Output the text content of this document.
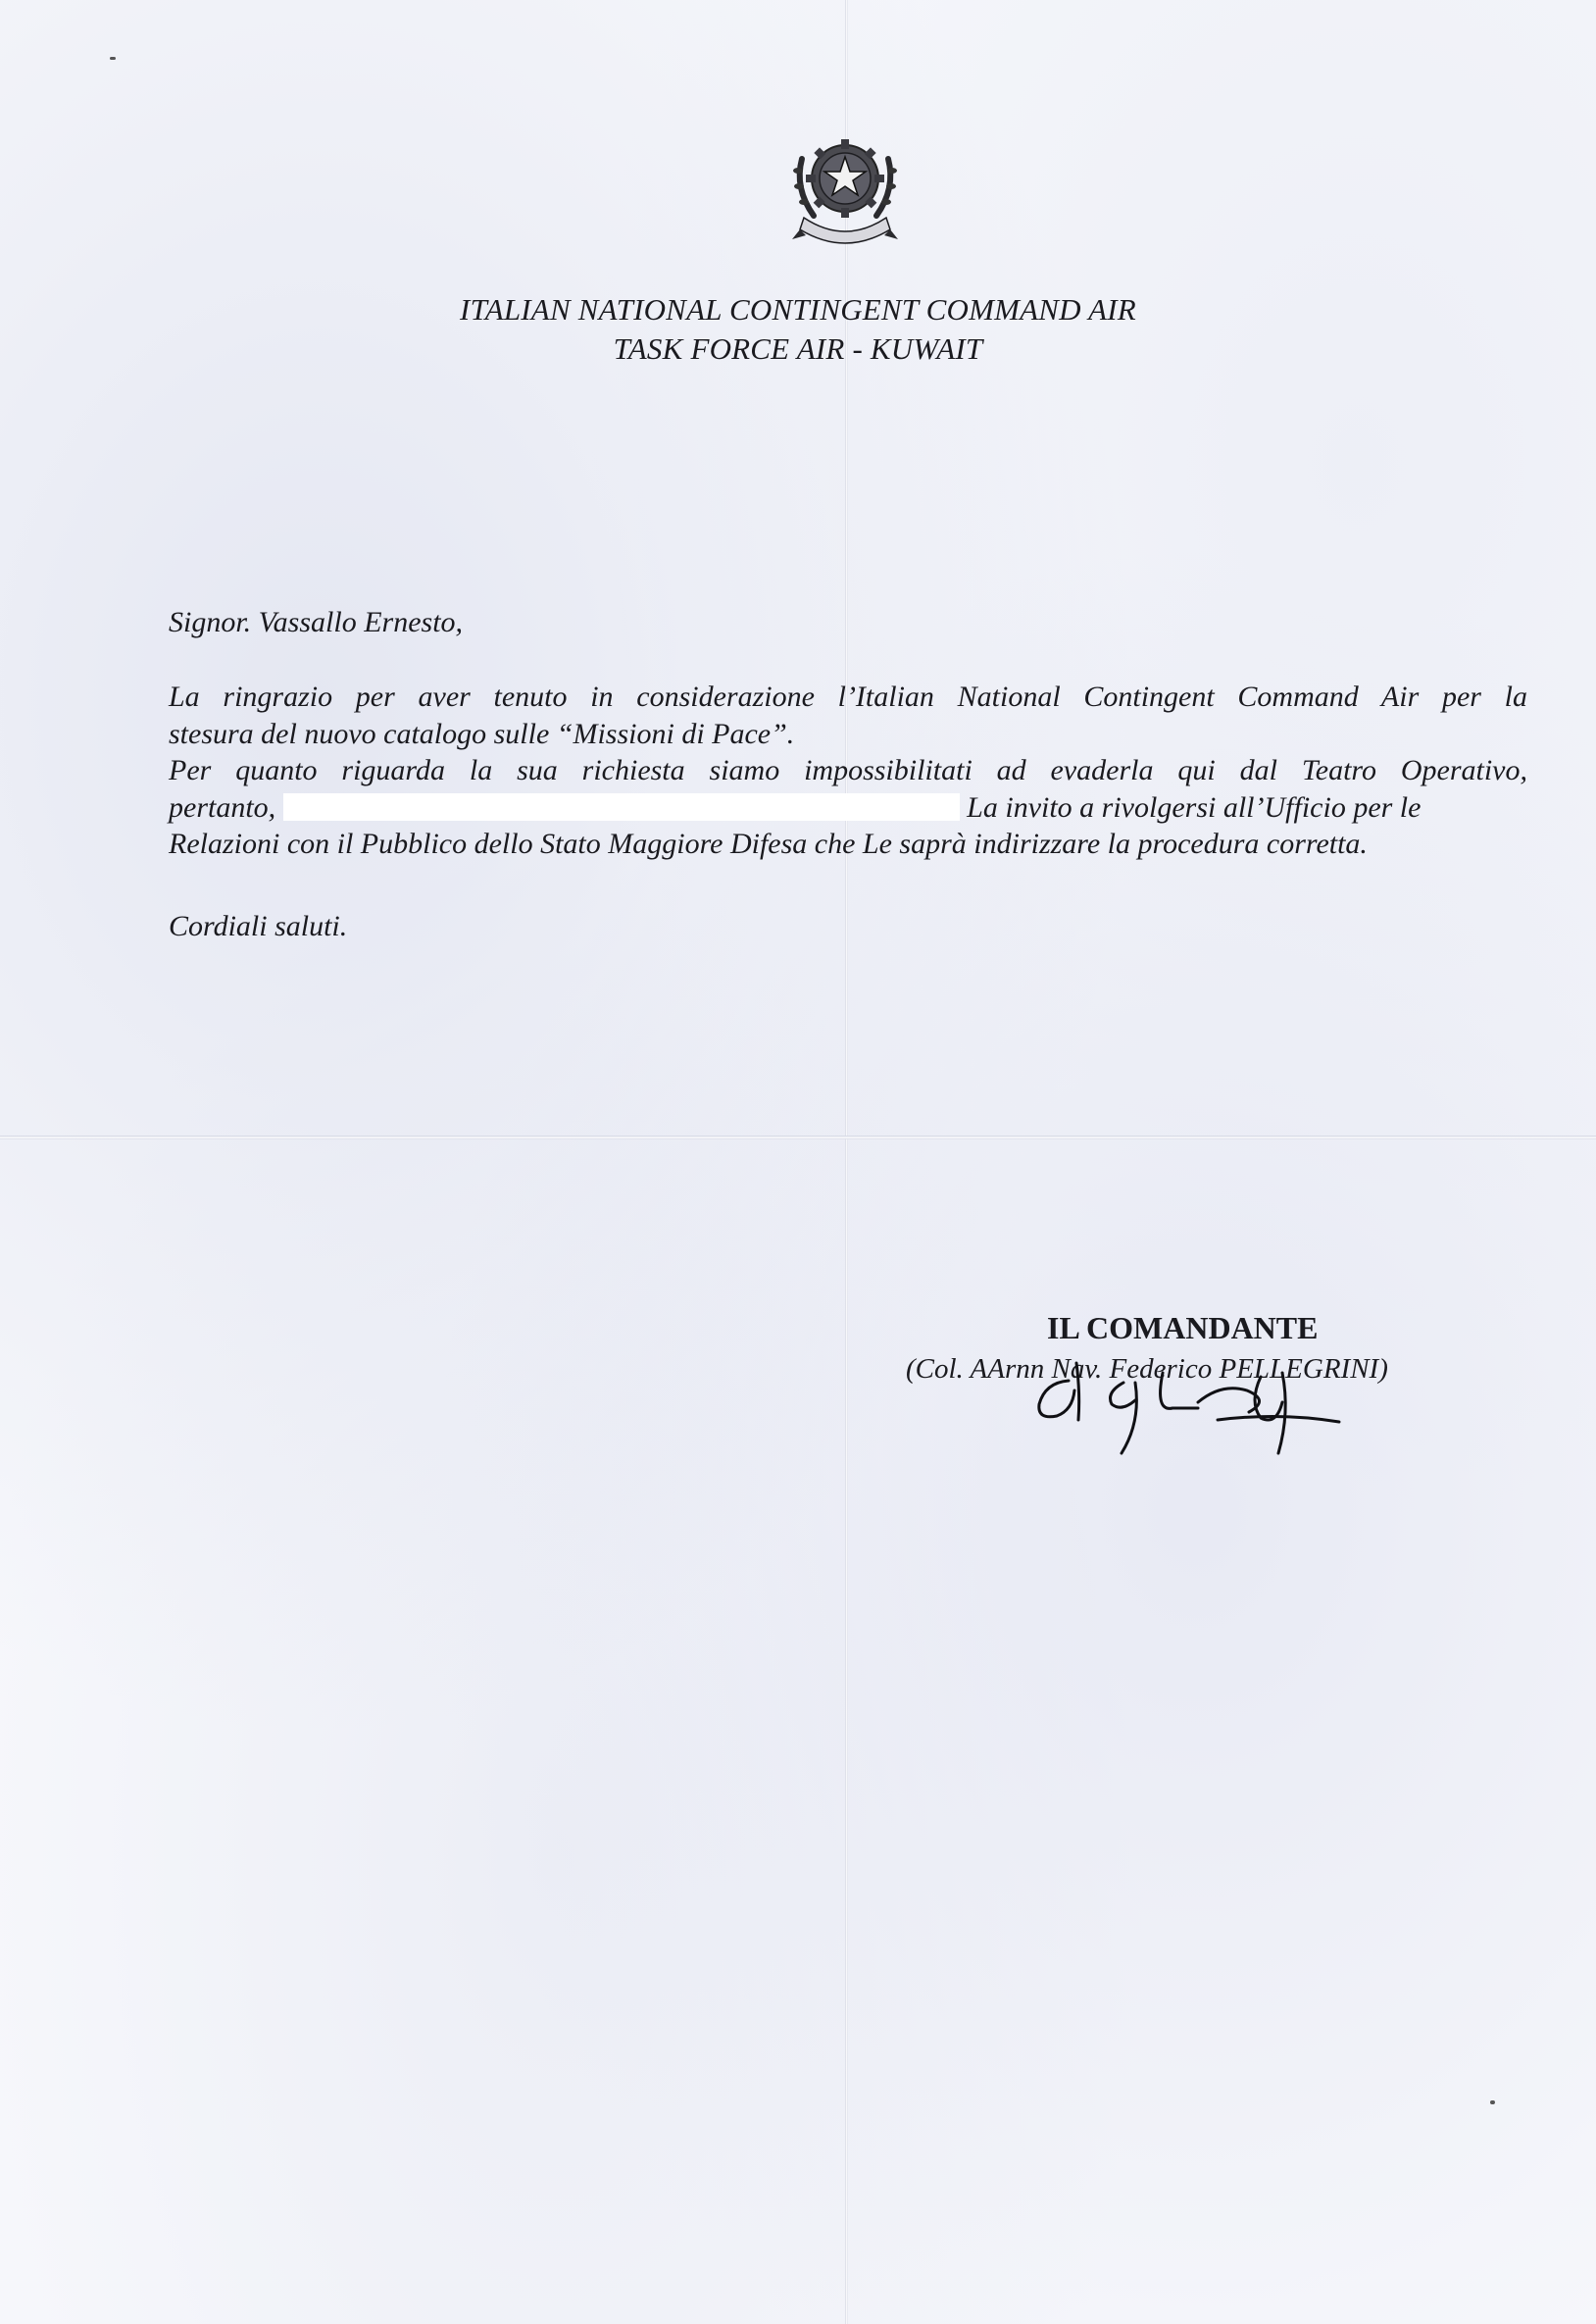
ITALIAN NATIONAL CONTINGENT COMMAND AIR
TASK FORCE AIR - KUWAIT
Signor. Vassallo Ernesto,
La ringrazio per aver tenuto in considerazione l’Italian National Contingent Command Air per la
stesura del nuovo catalogo sulle “Missioni di Pace”.
Per quanto riguarda la sua richiesta siamo impossibilitati ad evaderla qui dal Teatro Operativo,
pertanto,	La invito a rivolgersi all’Ufficio per le
Relazioni con il Pubblico dello Stato Maggiore Difesa che Le saprà indirizzare la procedura corretta.
Cordiali saluti.
IL COMANDANTE
(Col. AArnn Nav. Federico PELLEGRINI)
